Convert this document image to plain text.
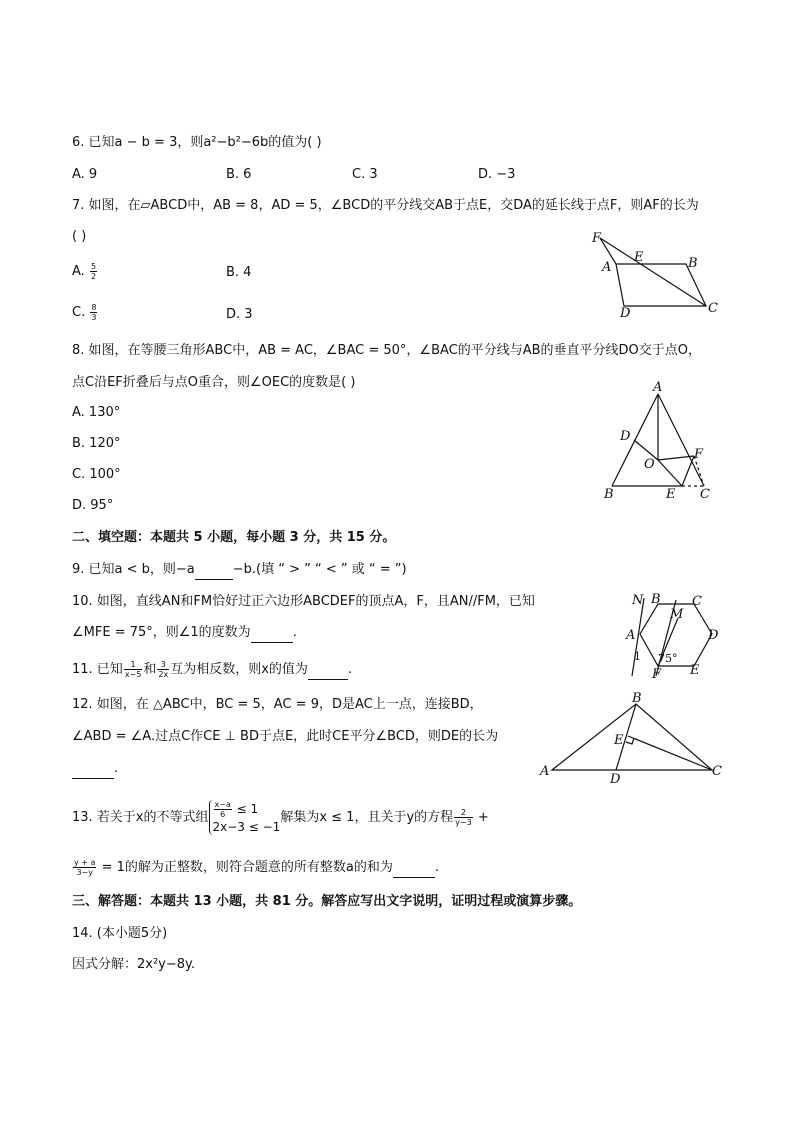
6. 已知a − b = 3，则a²−b²−6b的值为( )
A. 9	B. 6	C. 3	D. −3
7. 如图，在▱ABCD中，AB = 8，AD = 5，∠BCD的平分线交AB于点E，交DA的延长线于点F，则AF的长为
( )
A. $\frac{5}{2}$	B. 4
C. $\frac{8}{3}$	D. 3
F
E	B
A
D	C
8. 如图，在等腰三角形ABC中，AB = AC，∠BAC = 50°，∠BAC的平分线与AB的垂直平分线DO交于点O，
点C沿EF折叠后与点O重合，则∠OEC的度数是( )
A. 130°
B. 120°
C. 100°
D. 95°
A
D
F
O
B	E C
二、填空题：本题共 5 小题，每小题 3 分，共 15 分。
9. 已知a < b，则−a	−b.(填 “ > ” “ < ” 或 “ = ”)
10. 如图，直线AN和FM恰好过正六边形ABCDEF的顶点A，F，且AN//FM，已知
∠MFE = 75°，则∠1的度数为	.
N B C
M
A	D
1 75°
F E
11. 已知 $\frac{1}{x-5}$ 和 $\frac{3}{2x}$ 互为相反数，则x的值为	.
12. 如图，在 △ABC中，BC = 5，AC = 9，D是AC上一点，连接BD，
∠ABD = ∠A.过点C作CE ⊥ BD于点E，此时CE平分∠BCD，则DE的长为
.
B
E
A
D
C
13. 若关于x的不等式组 $\frac{x-a}{6} \le 1$
2x−3 ≤ −1
解集为x ≤ 1，且关于y的方程 $\frac{2}{y-3}$ +
$\frac{y + a}{3-y} = 1$的解为正整数，则符合题意的所有整数a的和为	.
三、解答题：本题共 13 小题，共 81 分。解答应写出文字说明，证明过程或演算步骤。
14. (本小题5分)
因式分解：2x²y−8y.
